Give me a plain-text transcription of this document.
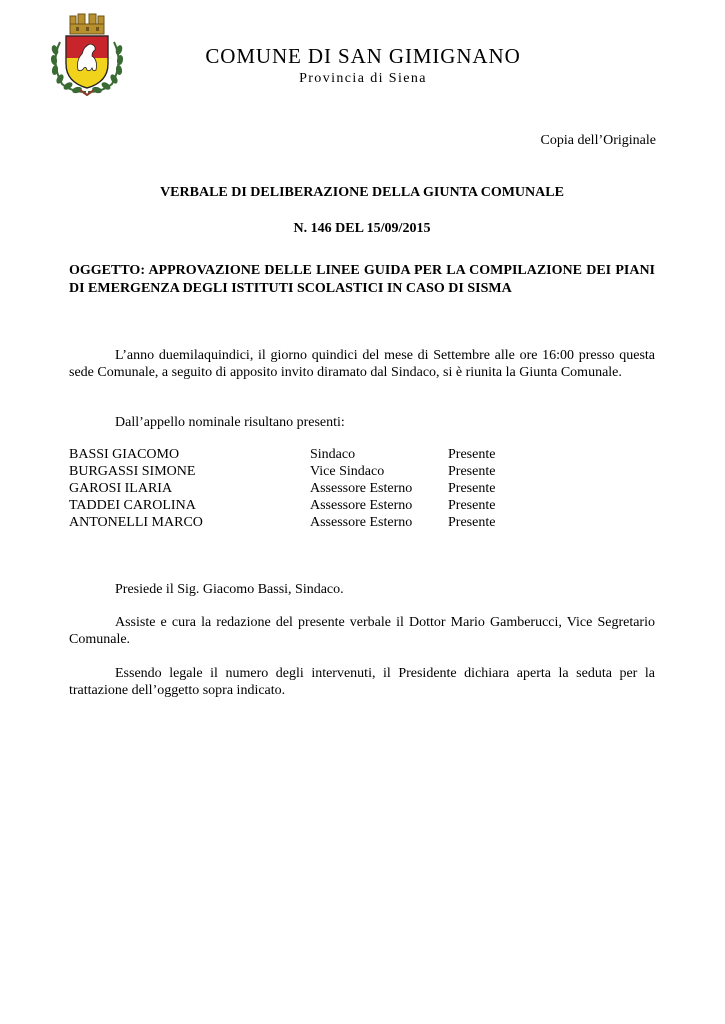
COMUNE DI SAN GIMIGNANO
Provincia di Siena
Copia dell’Originale
VERBALE DI DELIBERAZIONE DELLA GIUNTA COMUNALE
N. 146 DEL 15/09/2015
OGGETTO: APPROVAZIONE DELLE LINEE GUIDA PER LA COMPILAZIONE DEI PIANI DI EMERGENZA DEGLI ISTITUTI SCOLASTICI IN CASO DI SISMA

L’anno duemilaquindici, il giorno quindici del mese di Settembre alle ore 16:00 presso questa sede Comunale, a seguito di apposito invito diramato dal Sindaco, si è riunita la Giunta Comunale.

Dall’appello nominale risultano presenti:

BASSI GIACOMO	Sindaco	Presente
BURGASSI SIMONE	Vice Sindaco	Presente
GAROSI ILARIA	Assessore Esterno	Presente
TADDEI CAROLINA	Assessore Esterno	Presente
ANTONELLI MARCO	Assessore Esterno	Presente

Presiede il Sig. Giacomo Bassi, Sindaco.

Assiste e cura la redazione del presente verbale il Dottor Mario Gamberucci, Vice Segretario Comunale.

Essendo legale il numero degli intervenuti, il Presidente dichiara aperta la seduta per la trattazione dell’oggetto sopra indicato.
